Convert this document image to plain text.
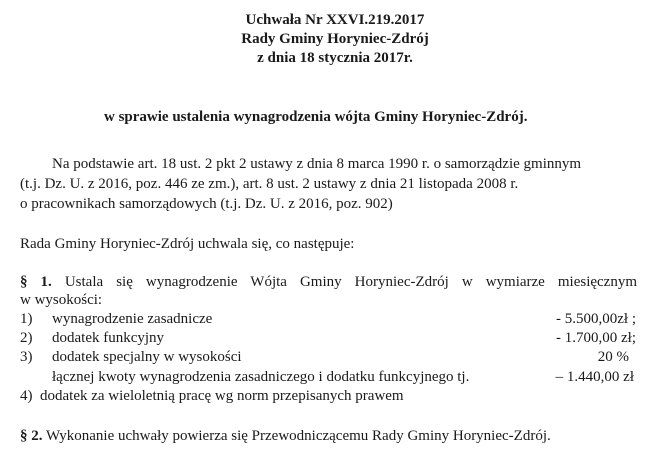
Uchwała Nr XXVI.219.2017
Rady Gminy Horyniec-Zdrój
z dnia 18 stycznia 2017r.
w sprawie ustalenia wynagrodzenia wójta Gminy Horyniec-Zdrój.
Na podstawie art. 18 ust. 2 pkt 2 ustawy z dnia 8 marca 1990 r. o samorządzie gminnym
(t.j. Dz. U. z 2016, poz. 446 ze zm.), art. 8 ust. 2 ustawy z dnia 21 listopada 2008 r.
o pracownikach samorządowych (t.j. Dz. U. z 2016, poz. 902)
Rada Gminy Horyniec-Zdrój uchwala się, co następuje:
§ 1. Ustala się wynagrodzenie Wójta Gminy Horyniec-Zdrój w wymiarze miesięcznym
w wysokości:
1) wynagrodzenie zasadnicze	- 5.500,00zł ;
2) dodatek funkcyjny	- 1.700,00 zł;
3) dodatek specjalny w wysokości	20 %
łącznej kwoty wynagrodzenia zasadniczego i dodatku funkcyjnego tj.	– 1.440,00 zł
4) dodatek za wieloletnią pracę wg norm przepisanych prawem
§ 2. Wykonanie uchwały powierza się Przewodniczącemu Rady Gminy Horyniec-Zdrój.
